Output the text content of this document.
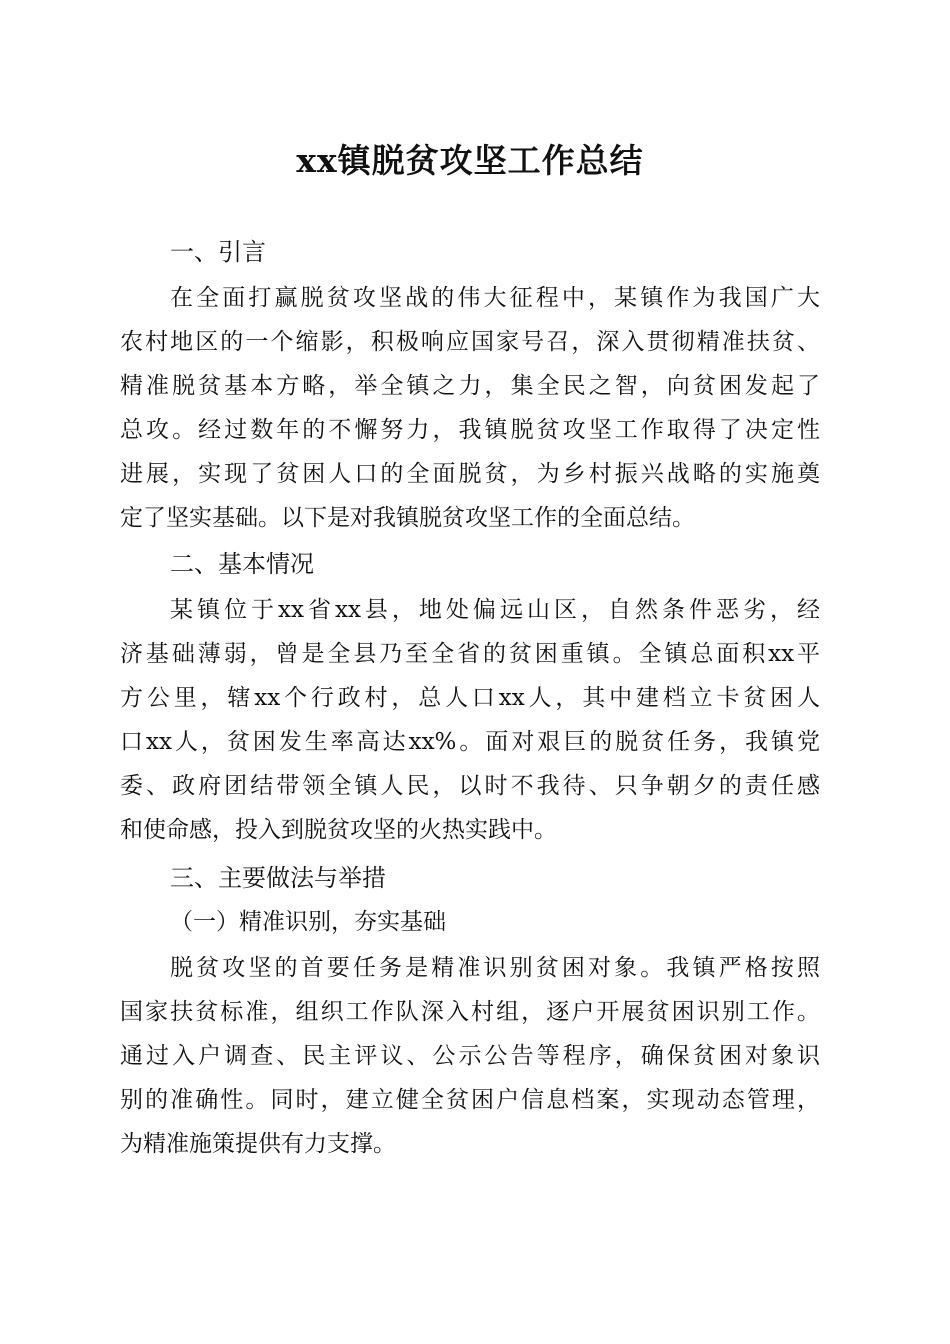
xx镇脱贫攻坚工作总结
一、引言
在全面打赢脱贫攻坚战的伟大征程中，某镇作为我国广大
农村地区的一个缩影，积极响应国家号召，深入贯彻精准扶贫、
精准脱贫基本方略，举全镇之力，集全民之智，向贫困发起了
总攻。经过数年的不懈努力，我镇脱贫攻坚工作取得了决定性
进展，实现了贫困人口的全面脱贫，为乡村振兴战略的实施奠
定了坚实基础。以下是对我镇脱贫攻坚工作的全面总结。
二、基本情况
某镇位于xx省xx县，地处偏远山区，自然条件恶劣，经
济基础薄弱，曾是全县乃至全省的贫困重镇。全镇总面积xx平
方公里，辖xx个行政村，总人口xx人，其中建档立卡贫困人
口xx人，贫困发生率高达xx%。面对艰巨的脱贫任务，我镇党
委、政府团结带领全镇人民，以时不我待、只争朝夕的责任感
和使命感，投入到脱贫攻坚的火热实践中。
三、主要做法与举措
（一）精准识别，夯实基础
脱贫攻坚的首要任务是精准识别贫困对象。我镇严格按照
国家扶贫标准，组织工作队深入村组，逐户开展贫困识别工作。
通过入户调查、民主评议、公示公告等程序，确保贫困对象识
别的准确性。同时，建立健全贫困户信息档案，实现动态管理，
为精准施策提供有力支撑。
